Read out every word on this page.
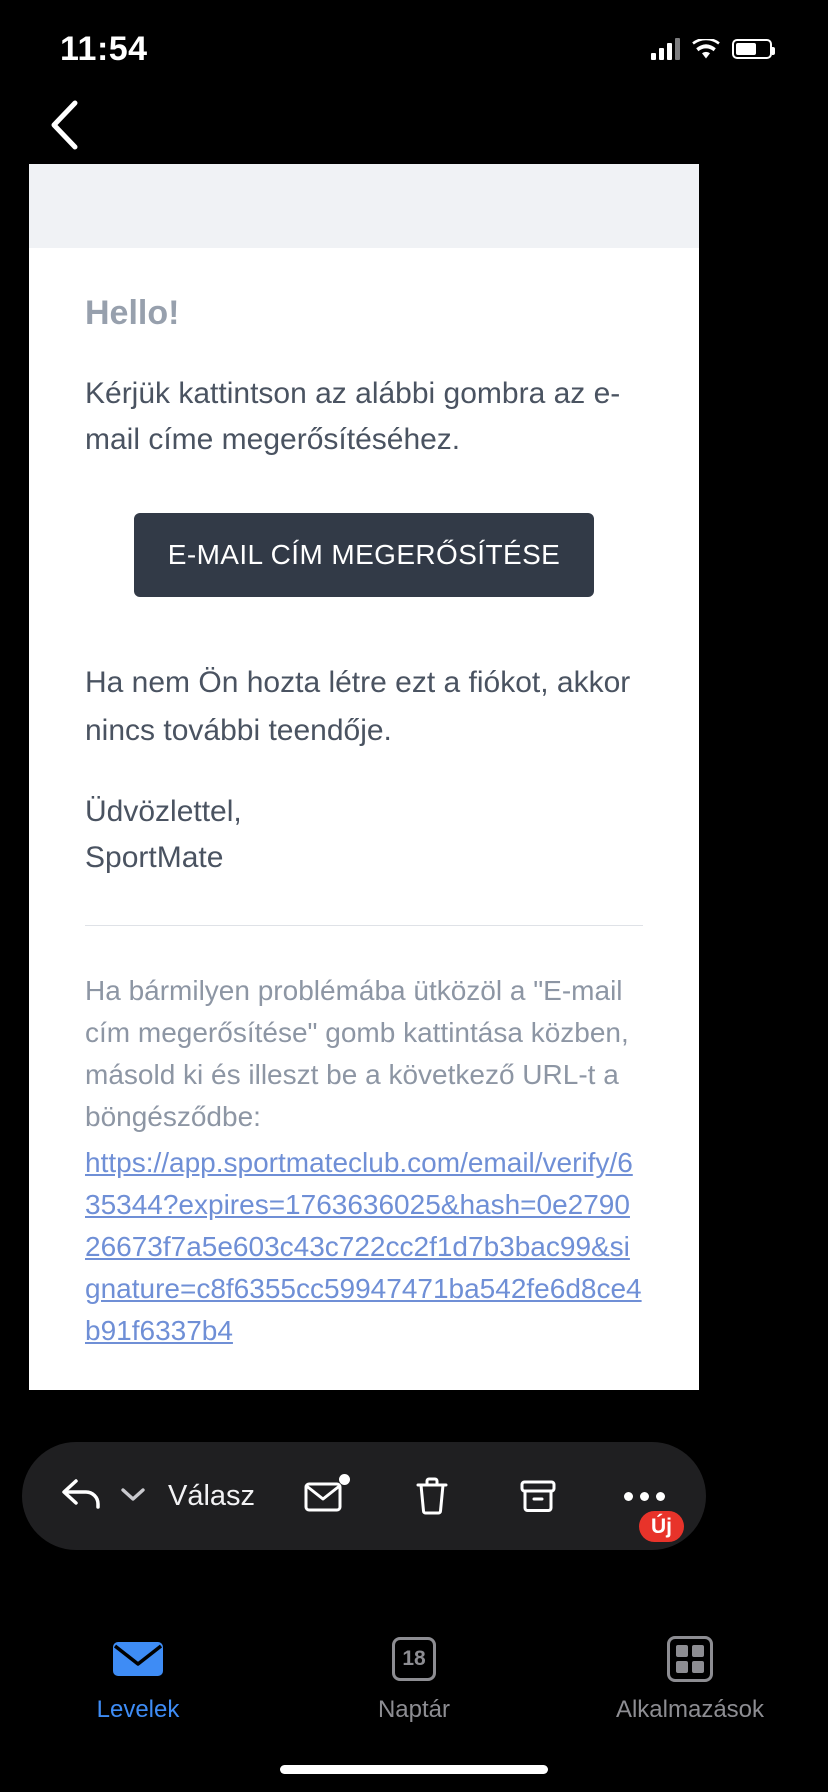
11:54
Hello!
Kérjük kattintson az alábbi gombra az e-mail címe megerősítéséhez.
E-MAIL CÍM MEGERŐSÍTÉSE
Ha nem Ön hozta létre ezt a fiókot, akkor nincs további teendője.
Üdvözlettel,
SportMate
Ha bármilyen problémába ütközöl a "E-mail cím megerősítése" gomb kattintása közben, másold ki és illeszt be a következő URL-t a böngésződbe:
https://app.sportmateclub.com/email/verify/635344?expires=1763636025&hash=0e279026673f7a5e603c43c722cc2f1d7b3bac99&signature=c8f6355cc59947471ba542fe6d8ce4b91f6337b4
Válasz
Új
Levelek
18
Naptár	Alkalmazások
